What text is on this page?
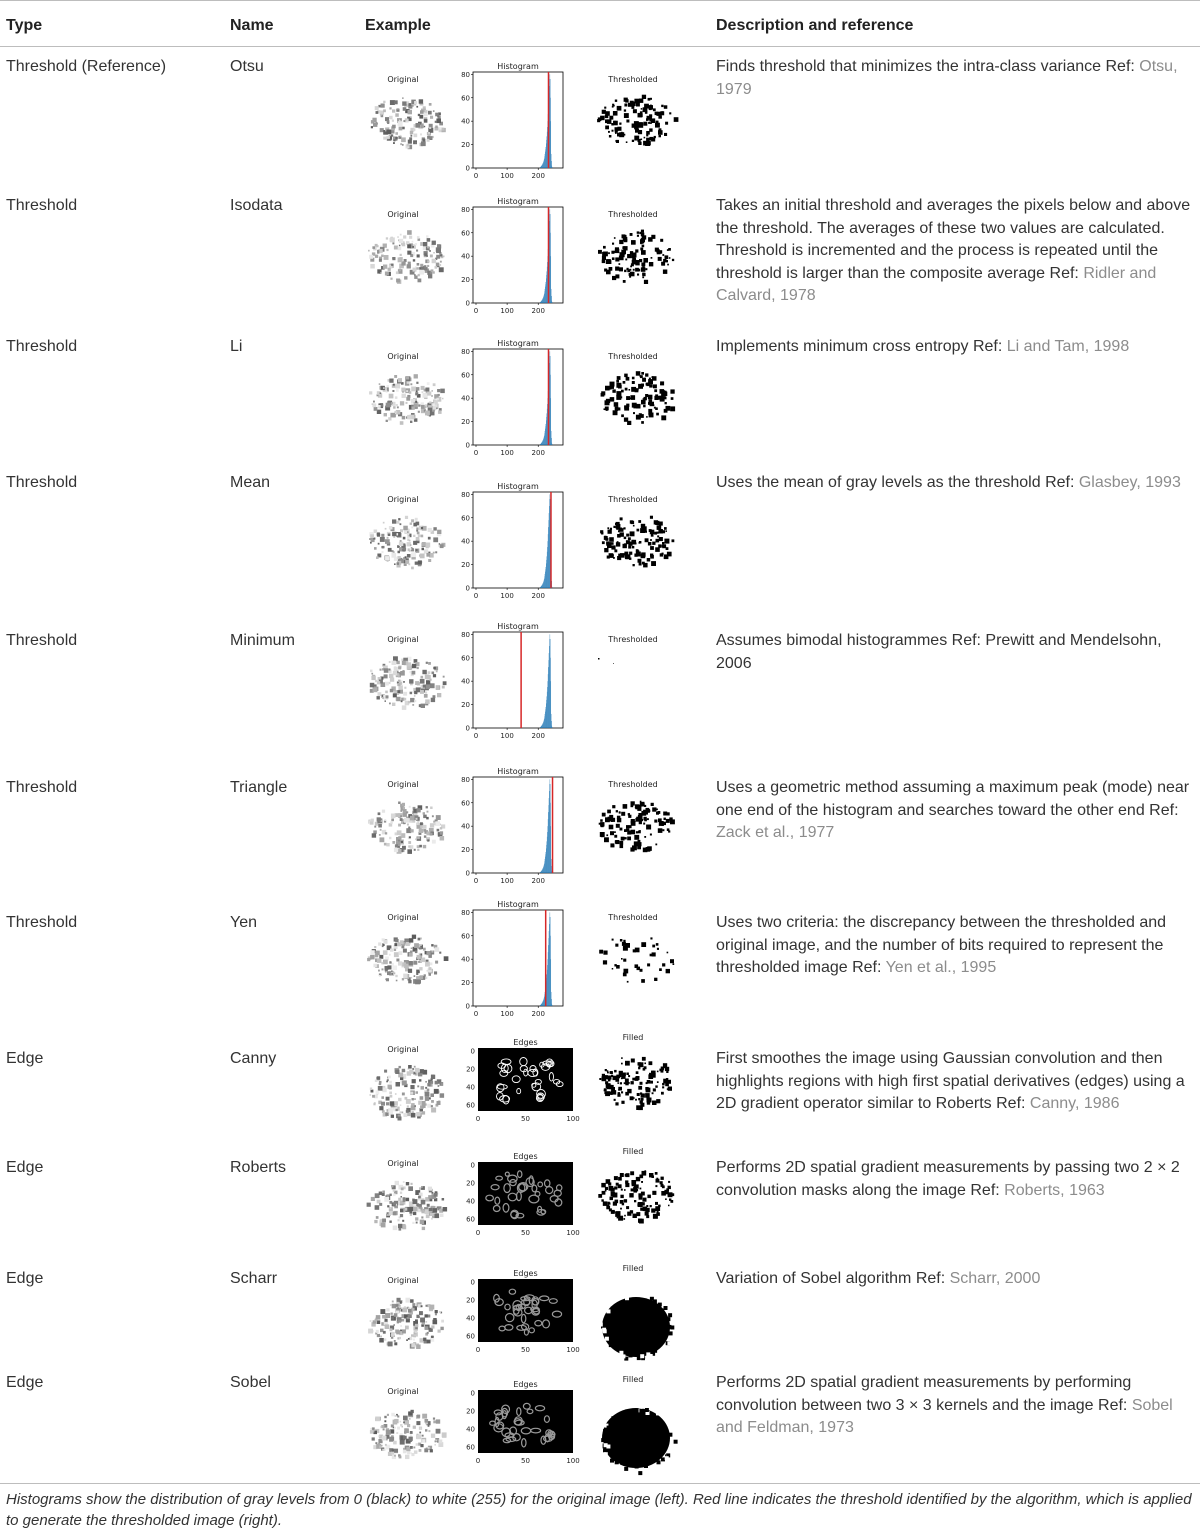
Type	Name	Example	Description and reference
Threshold (Reference)	Otsu	Finds threshold that minimizes the intra-class variance Ref: Otsu, 1979
Original
0
20
40
60
80
0	100	200
Histogram
Thresholded
Threshold	Isodata	Takes an initial threshold and averages the pixels below and above the threshold. The averages of these two values are calculated. Threshold is incremented and the process is repeated until the threshold is larger than the composite average Ref: Ridler and Calvard, 1978
Original
0
20
40
60
80
0	100	200
Histogram
Thresholded
Threshold	Li	Implements minimum cross entropy Ref: Li and Tam, 1998
Original
0
20
40
60
80
0	100	200
Histogram
Thresholded
Threshold	Mean	Uses the mean of gray levels as the threshold Ref: Glasbey, 1993
Original
0
20
40
60
80
0	100	200
Histogram
Thresholded
Threshold	Minimum	Assumes bimodal histogrammes Ref: Prewitt and Mendelsohn, 2006
Original
0
20
40
60
80
0	100	200
Histogram
Thresholded
Threshold	Triangle	Uses a geometric method assuming a maximum peak (mode) near one end of the histogram and searches toward the other end Ref: Zack et al., 1977
Original
0
20
40
60
80
0	100	200
Histogram
Thresholded
Threshold	Yen	Uses two criteria: the discrepancy between the thresholded and original image, and the number of bits required to represent the thresholded image Ref: Yen et al., 1995
Original
0
20
40
60
80
0	100	200
Histogram
Thresholded
Edge	Canny	First smoothes the image using Gaussian convolution and then highlights regions with high first spatial derivatives (edges) using a 2D gradient operator similar to Roberts Ref: Canny, 1986
Original	0
20
40
60
0	50	100
Edges
Filled
Edge	Roberts	Performs 2D spatial gradient measurements by passing two 2 × 2 convolution masks along the image Ref: Roberts, 1963
Original	0
20
40
60
0	50	100
Edges
Filled
Edge	Scharr	Variation of Sobel algorithm Ref: Scharr, 2000
Original	0
20
40
60
0	50	100
Edges
Filled
Edge	Sobel	Performs 2D spatial gradient measurements by performing convolution between two 3 × 3 kernels and the image Ref: Sobel and Feldman, 1973
Original	0
20
40
60
0	50	100
Edges
Filled
Histograms show the distribution of gray levels from 0 (black) to white (255) for the original image (left). Red line indicates the threshold identified by the algorithm, which is applied to generate the thresholded image (right).
